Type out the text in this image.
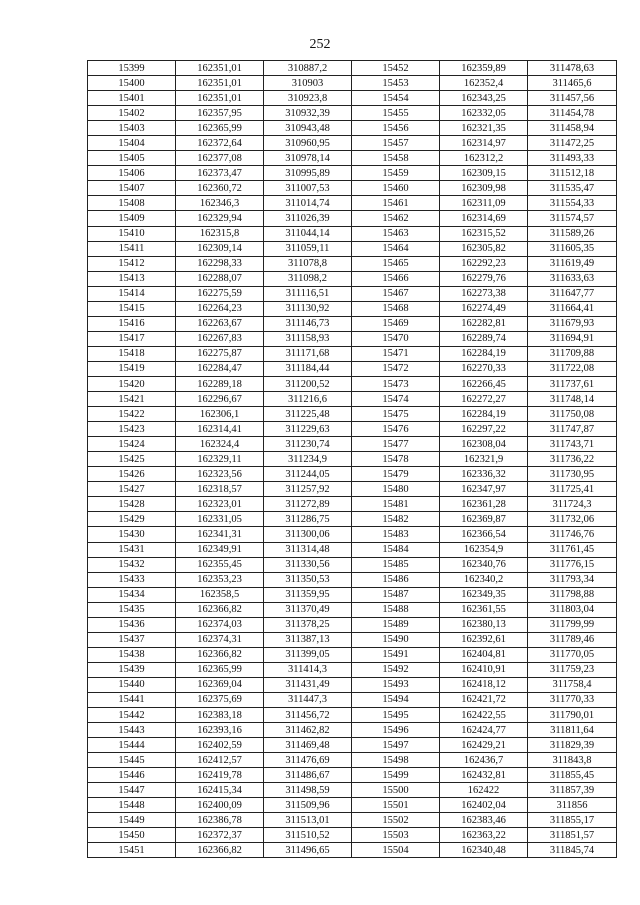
252
15399	162351,01	310887,2	15452	162359,89	311478,63
15400	162351,01	310903	15453	162352,4	311465,6
15401	162351,01	310923,8	15454	162343,25	311457,56
15402	162357,95	310932,39	15455	162332,05	311454,78
15403	162365,99	310943,48	15456	162321,35	311458,94
15404	162372,64	310960,95	15457	162314,97	311472,25
15405	162377,08	310978,14	15458	162312,2	311493,33
15406	162373,47	310995,89	15459	162309,15	311512,18
15407	162360,72	311007,53	15460	162309,98	311535,47
15408	162346,3	311014,74	15461	162311,09	311554,33
15409	162329,94	311026,39	15462	162314,69	311574,57
15410	162315,8	311044,14	15463	162315,52	311589,26
15411	162309,14	311059,11	15464	162305,82	311605,35
15412	162298,33	311078,8	15465	162292,23	311619,49
15413	162288,07	311098,2	15466	162279,76	311633,63
15414	162275,59	311116,51	15467	162273,38	311647,77
15415	162264,23	311130,92	15468	162274,49	311664,41
15416	162263,67	311146,73	15469	162282,81	311679,93
15417	162267,83	311158,93	15470	162289,74	311694,91
15418	162275,87	311171,68	15471	162284,19	311709,88
15419	162284,47	311184,44	15472	162270,33	311722,08
15420	162289,18	311200,52	15473	162266,45	311737,61
15421	162296,67	311216,6	15474	162272,27	311748,14
15422	162306,1	311225,48	15475	162284,19	311750,08
15423	162314,41	311229,63	15476	162297,22	311747,87
15424	162324,4	311230,74	15477	162308,04	311743,71
15425	162329,11	311234,9	15478	162321,9	311736,22
15426	162323,56	311244,05	15479	162336,32	311730,95
15427	162318,57	311257,92	15480	162347,97	311725,41
15428	162323,01	311272,89	15481	162361,28	311724,3
15429	162331,05	311286,75	15482	162369,87	311732,06
15430	162341,31	311300,06	15483	162366,54	311746,76
15431	162349,91	311314,48	15484	162354,9	311761,45
15432	162355,45	311330,56	15485	162340,76	311776,15
15433	162353,23	311350,53	15486	162340,2	311793,34
15434	162358,5	311359,95	15487	162349,35	311798,88
15435	162366,82	311370,49	15488	162361,55	311803,04
15436	162374,03	311378,25	15489	162380,13	311799,99
15437	162374,31	311387,13	15490	162392,61	311789,46
15438	162366,82	311399,05	15491	162404,81	311770,05
15439	162365,99	311414,3	15492	162410,91	311759,23
15440	162369,04	311431,49	15493	162418,12	311758,4
15441	162375,69	311447,3	15494	162421,72	311770,33
15442	162383,18	311456,72	15495	162422,55	311790,01
15443	162393,16	311462,82	15496	162424,77	311811,64
15444	162402,59	311469,48	15497	162429,21	311829,39
15445	162412,57	311476,69	15498	162436,7	311843,8
15446	162419,78	311486,67	15499	162432,81	311855,45
15447	162415,34	311498,59	15500	162422	311857,39
15448	162400,09	311509,96	15501	162402,04	311856
15449	162386,78	311513,01	15502	162383,46	311855,17
15450	162372,37	311510,52	15503	162363,22	311851,57
15451	162366,82	311496,65	15504	162340,48	311845,74
